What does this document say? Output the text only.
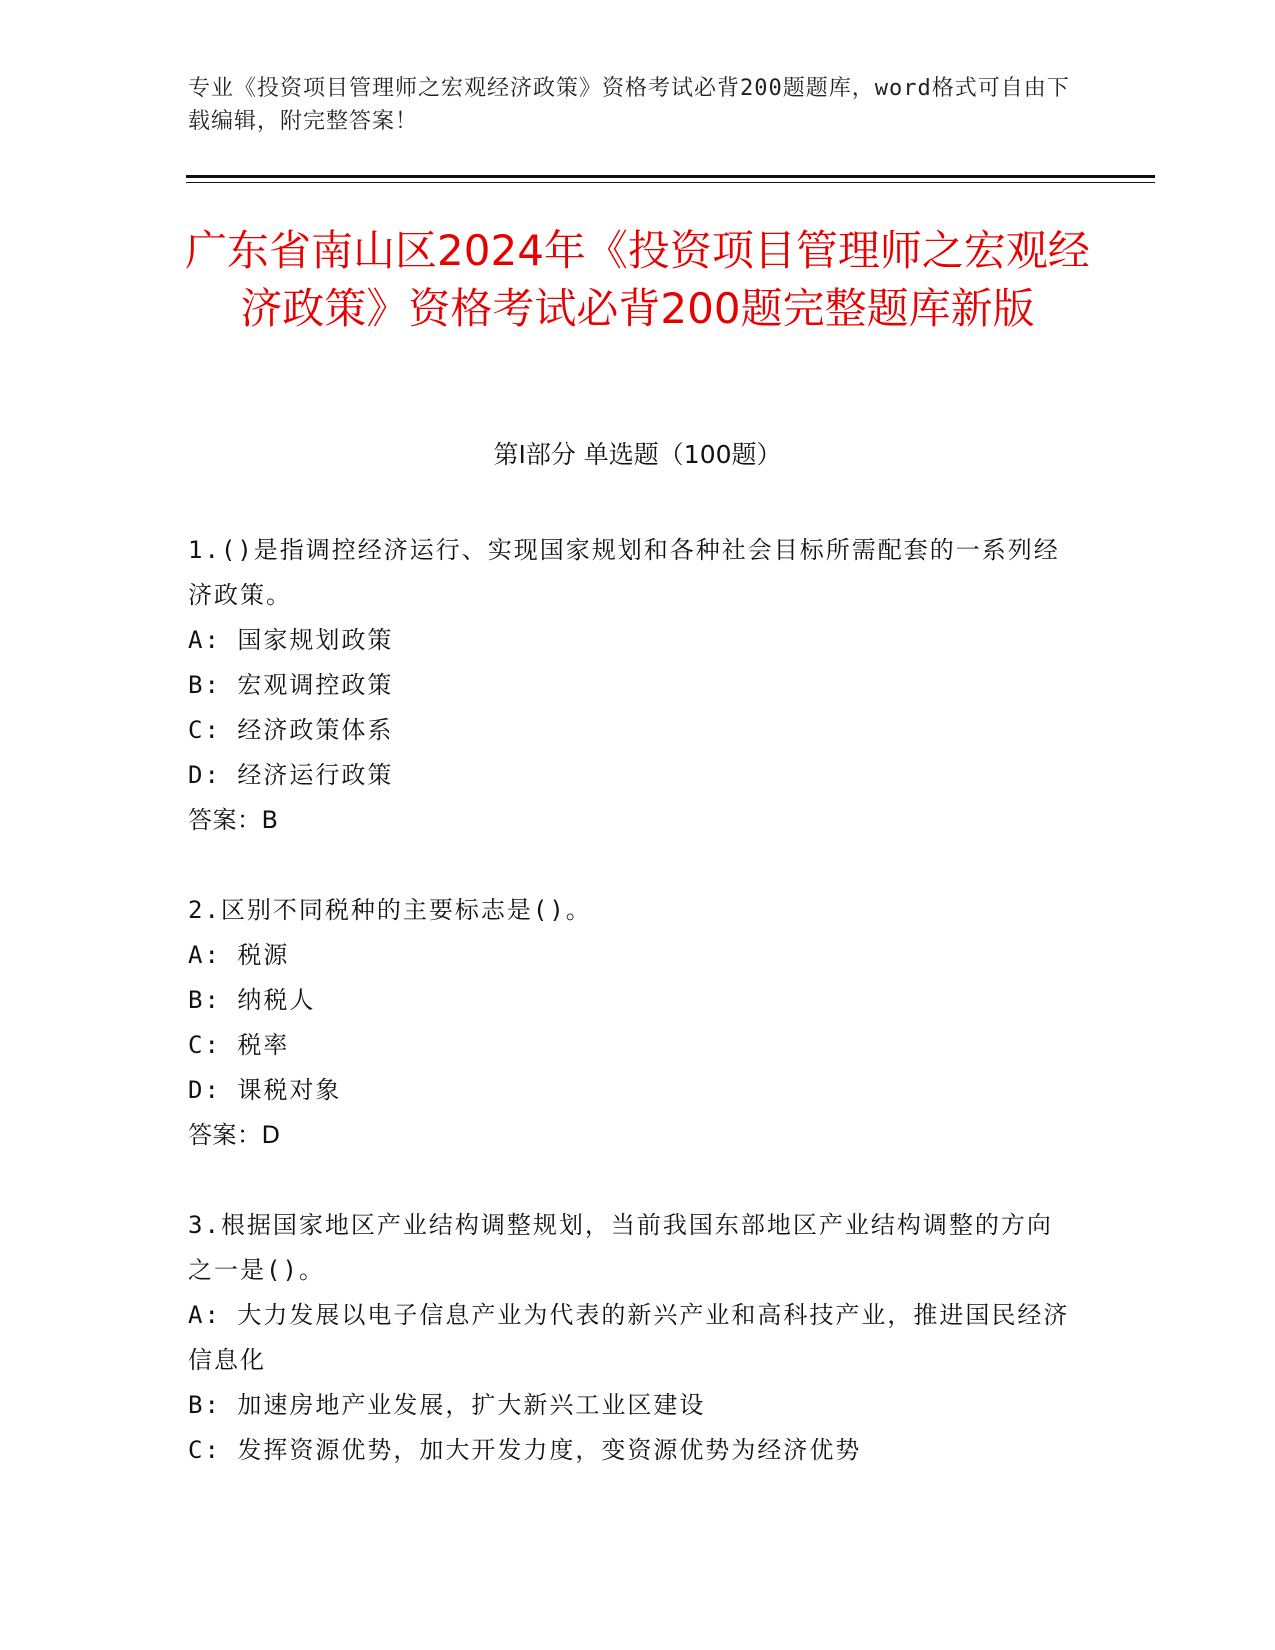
专业《投资项目管理师之宏观经济政策》资格考试必背200题题库，word格式可自由下载编辑，附完整答案！
广东省南山区2024年《投资项目管理师之宏观经济政策》资格考试必背200题完整题库新版
第Ⅰ部分 单选题（100题）

1.()是指调控经济运行、实现国家规划和各种社会目标所需配套的一系列经济政策。

A: 国家规划政策

B: 宏观调控政策

C: 经济政策体系

D: 经济运行政策

答案：B

2.区别不同税种的主要标志是()。

A: 税源

B: 纳税人

C: 税率

D: 课税对象

答案：D

3.根据国家地区产业结构调整规划，当前我国东部地区产业结构调整的方向之一是()。

A: 大力发展以电子信息产业为代表的新兴产业和高科技产业，推进国民经济信息化

B: 加速房地产业发展，扩大新兴工业区建设

C: 发挥资源优势，加大开发力度，变资源优势为经济优势
